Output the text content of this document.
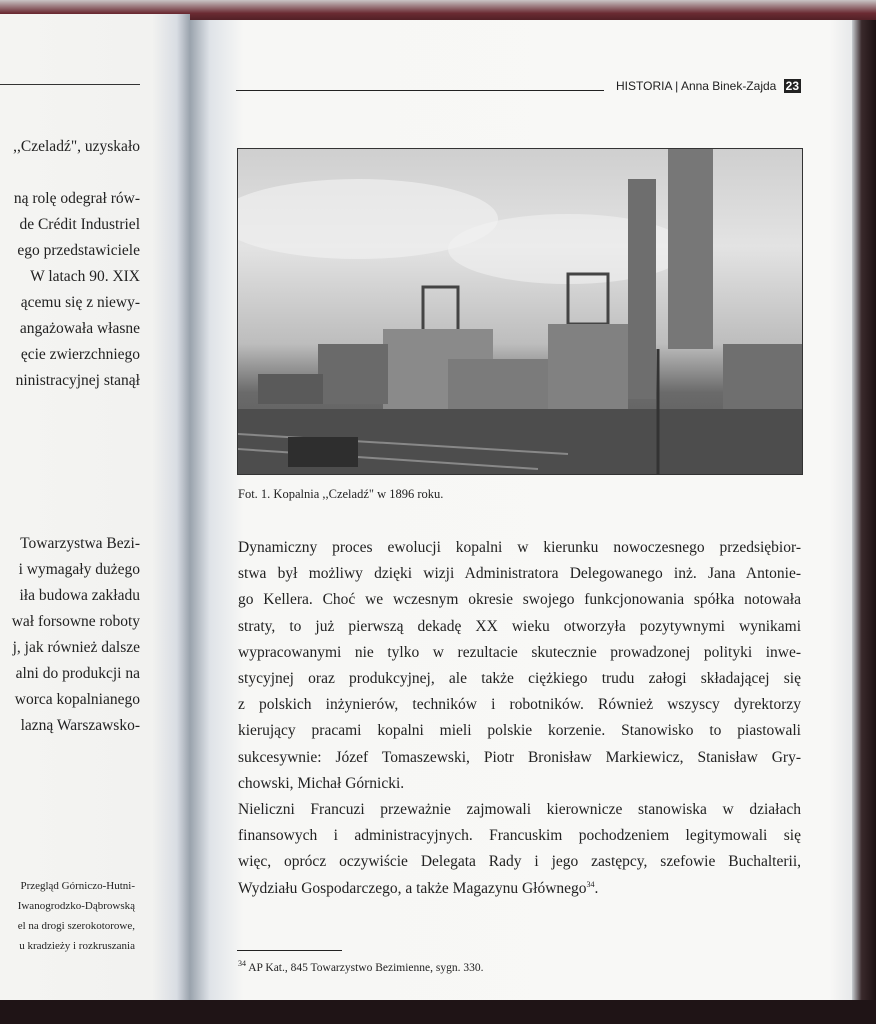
,,Czeladź", uzyskało
ną rolę odegrał rów-
de Crédit Industriel
ego przedstawiciele
W latach 90. XIX
ącemu się z niewy-
angażowała własne
ęcie zwierzchniego
ninistracyjnej stanął
Towarzystwa Bezi-
i wymagały dużego
iła budowa zakładu
wał forsowne roboty
j, jak również dalsze
alni do produkcji na
worca kopalnianego
lazną Warszawsko-
Przegląd Górniczo-Hutni-
Iwanogrodzko-Dąbrowską
el na drogi szerokotorowe,
u kradzieży i rozkruszania
HISTORIA | Anna Binek-Zajda 23
Fot. 1. Kopalnia ,,Czeladź" w 1896 roku.
Dynamiczny proces ewolucji kopalni w kierunku nowoczesnego przedsiębior-
stwa był możliwy dzięki wizji Administratora Delegowanego inż. Jana Antonie-
go Kellera. Choć we wczesnym okresie swojego funkcjonowania spółka notowała
straty, to już pierwszą dekadę XX wieku otworzyła pozytywnymi wynikami
wypracowanymi nie tylko w rezultacie skutecznie prowadzonej polityki inwe-
stycyjnej oraz produkcyjnej, ale także ciężkiego trudu załogi składającej się
z polskich inżynierów, techników i robotników. Również wszyscy dyrektorzy
kierujący pracami kopalni mieli polskie korzenie. Stanowisko to piastowali
sukcesywnie: Józef Tomaszewski, Piotr Bronisław Markiewicz, Stanisław Gry-
chowski, Michał Górnicki.
Nieliczni Francuzi przeważnie zajmowali kierownicze stanowiska w działach
finansowych i administracyjnych. Francuskim pochodzeniem legitymowali się
więc, oprócz oczywiście Delegata Rady i jego zastępcy, szefowie Buchalterii,
Wydziału Gospodarczego, a także Magazynu Głównego$^{34}$.
$^{34}$ AP Kat., 845 Towarzystwo Bezimienne, sygn. 330.
